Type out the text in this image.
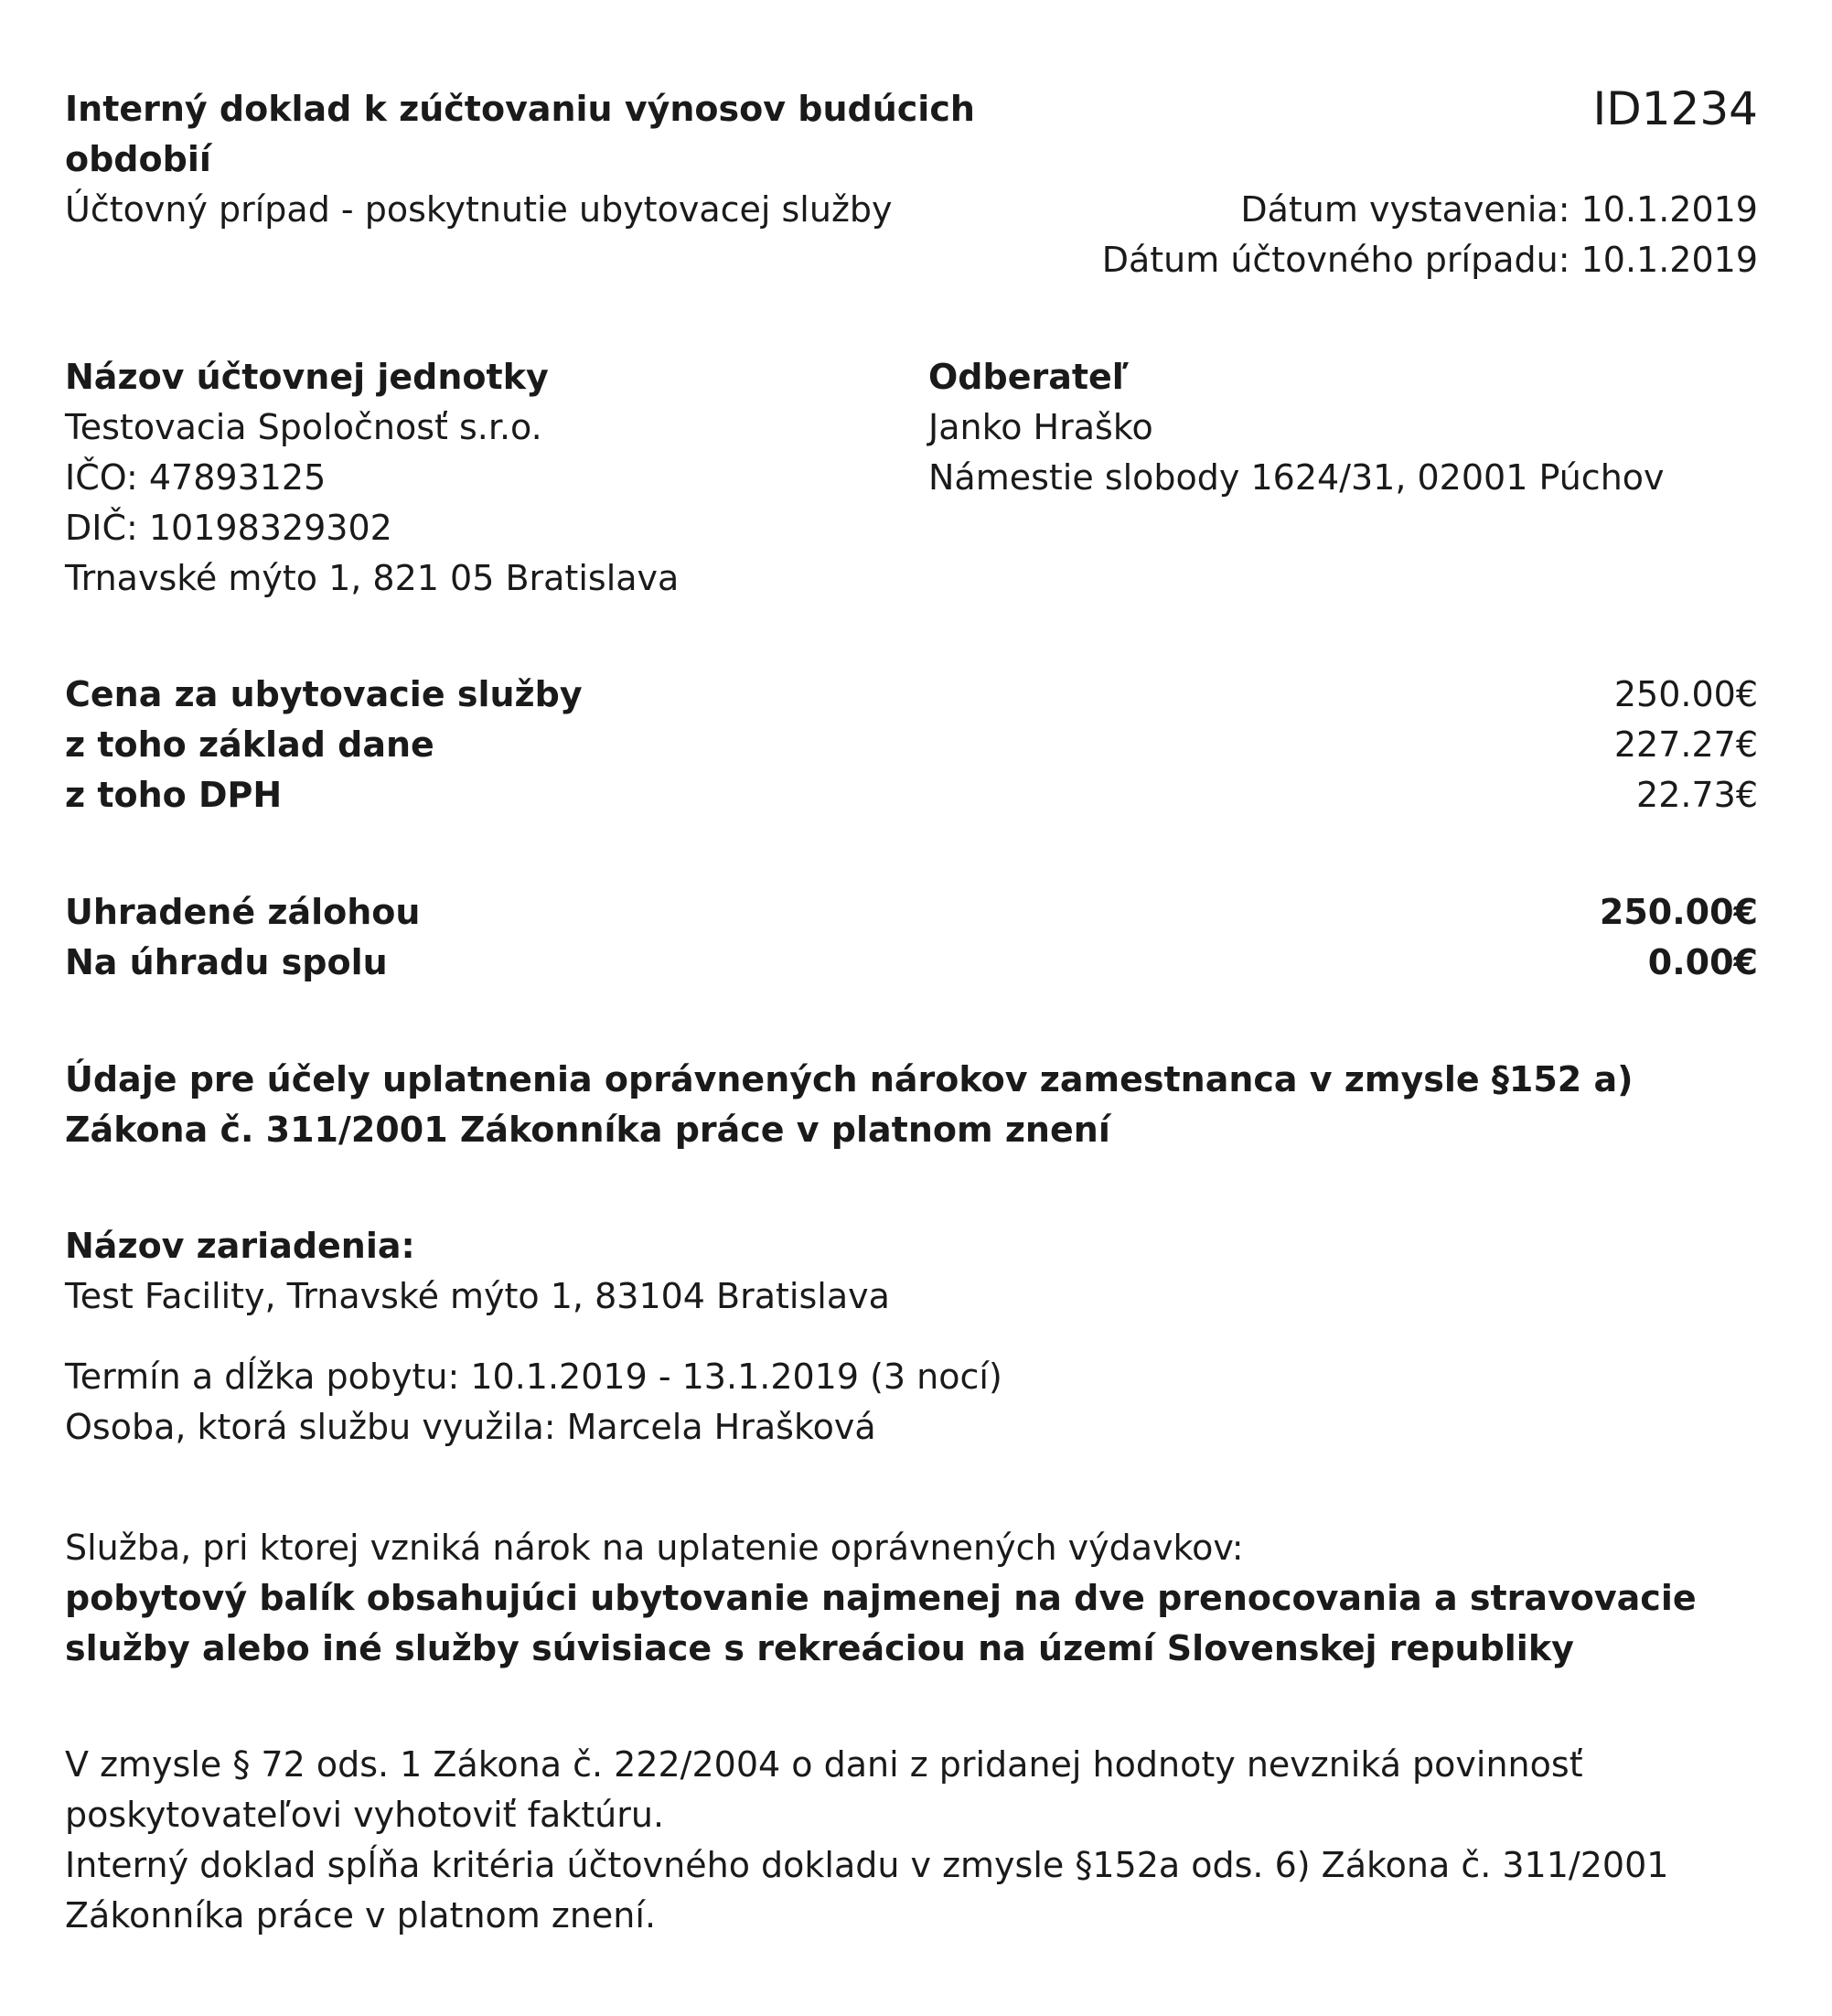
Interný doklad k zúčtovaniu výnosov budúcich obdobií
Účtovný prípad - poskytnutie ubytovacej služby
ID1234
Dátum vystavenia: 10.1.2019
Dátum účtovného prípadu: 10.1.2019
Názov účtovnej jednotky
Testovacia Spoločnosť s.r.o.
IČO: 47893125
DIČ: 10198329302
Trnavské mýto 1, 821 05 Bratislava
Odberateľ
Janko Hraško
Námestie slobody 1624/31, 02001 Púchov
Cena za ubytovacie služby	250.00€
z toho základ dane	227.27€
z toho DPH	22.73€
Uhradené zálohou	250.00€
Na úhradu spolu	0.00€
Údaje pre účely uplatnenia oprávnených nárokov zamestnanca v zmysle §152 a) Zákona č. 311/2001 Zákonníka práce v platnom znení
Názov zariadenia:
Test Facility, Trnavské mýto 1, 83104 Bratislava
Termín a dĺžka pobytu: 10.1.2019 - 13.1.2019 (3 nocí)
Osoba, ktorá službu využila: Marcela Hrašková
Služba, pri ktorej vzniká nárok na uplatenie oprávnených výdavkov:
pobytový balík obsahujúci ubytovanie najmenej na dve prenocovania a stravovacie služby alebo iné služby súvisiace s rekreáciou na území Slovenskej republiky
V zmysle § 72 ods. 1 Zákona č. 222/2004 o dani z pridanej hodnoty nevzniká povinnosť poskytovateľovi vyhotoviť faktúru.
Interný doklad spĺňa kritéria účtovného dokladu v zmysle §152a ods. 6) Zákona č. 311/2001 Zákonníka práce v platnom znení.
